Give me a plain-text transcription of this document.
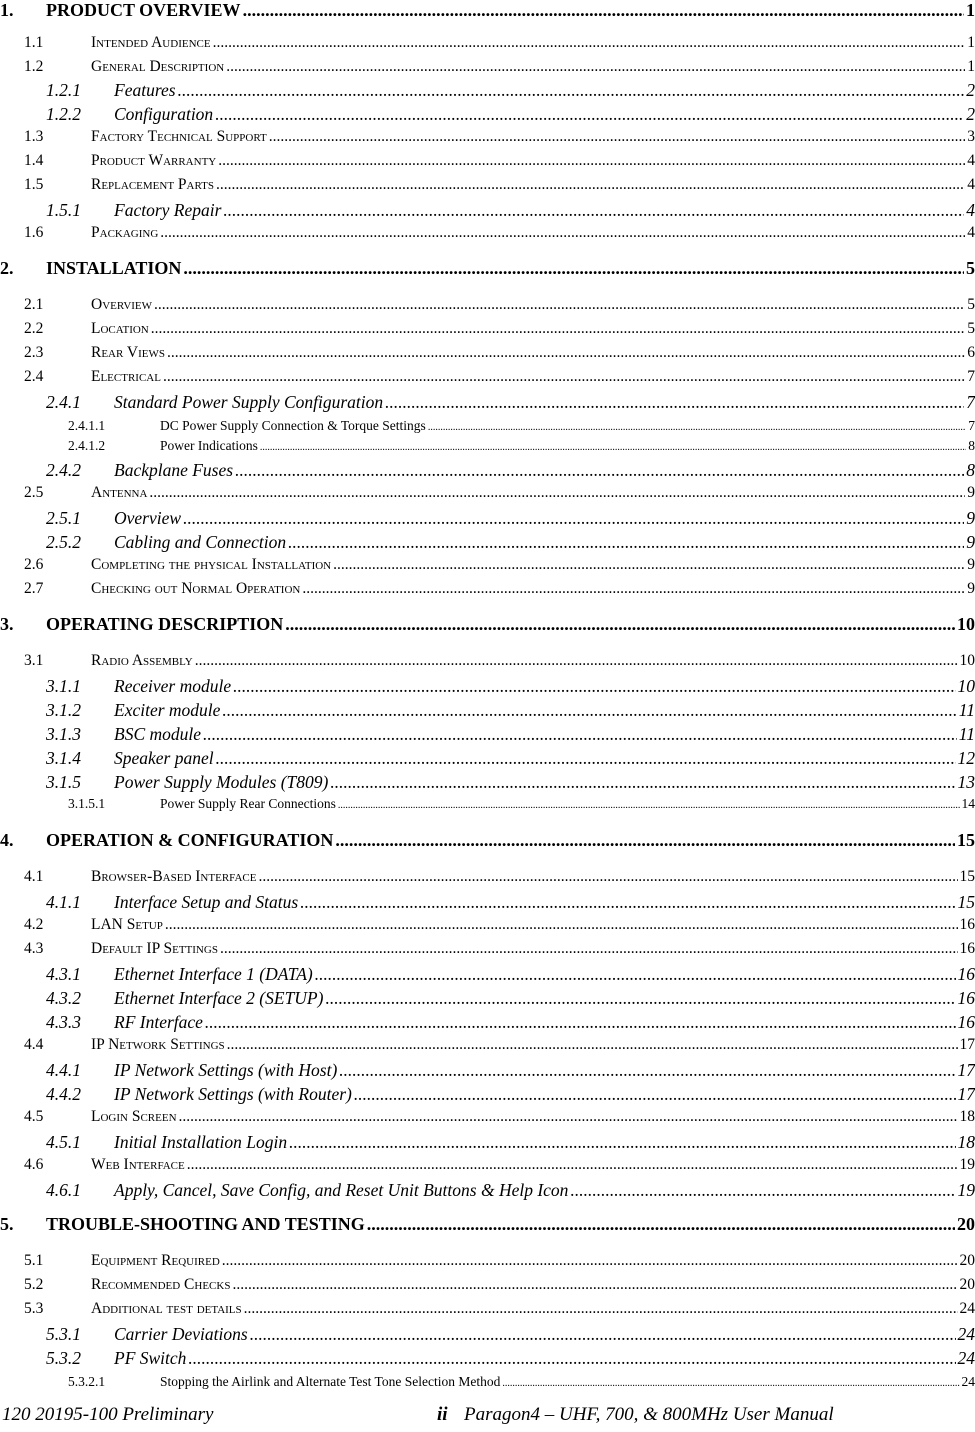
1. PRODUCT OVERVIEW .....	1
1.1	Intended Audience .....	1
1.2	General Description .....	1
1.2.1 Features .....	2
1.2.2 Configuration .....	2
1.3	Factory Technical Support .....	3
1.4	Product Warranty .....	4
1.5	Replacement Parts .....	4
1.5.1 Factory Repair .....	4
1.6	Packaging .....	4
2. INSTALLATION .....	5
2.1	Overview .....	5
2.2	Location .....	5
2.3	Rear Views .....	6
2.4	Electrical .....	7
2.4.1 Standard Power Supply Configuration .....	7
2.4.1.1	DC Power Supply Connection & Torque Settings .....	7
2.4.1.2	Power Indications .....	8
2.4.2 Backplane Fuses .....	8
2.5	Antenna .....	9
2.5.1 Overview .....	9
2.5.2 Cabling and Connection .....	9
2.6	Completing the physical Installation .....	9
2.7	Checking out Normal Operation .....	9
3. OPERATING DESCRIPTION .....	10
3.1	Radio Assembly .....	10
3.1.1 Receiver module .....	10
3.1.2 Exciter module .....	11
3.1.3 BSC module .....	11
3.1.4 Speaker panel .....	12
3.1.5 Power Supply Modules (T809) .....	13
3.1.5.1	Power Supply Rear Connections .....	14
4. OPERATION & CONFIGURATION .....	15
4.1	Browser-Based Interface .....	15
4.1.1 Interface Setup and Status .....	15
4.2	LAN Setup .....	16
4.3	Default IP Settings .....	16
4.3.1 Ethernet Interface 1 (DATA) .....	16
4.3.2 Ethernet Interface 2 (SETUP) .....	16
4.3.3 RF Interface .....	16
4.4	IP Network Settings .....	17
4.4.1 IP Network Settings (with Host) .....	17
4.4.2 IP Network Settings (with Router) .....	17
4.5	Login Screen .....	18
4.5.1 Initial Installation Login .....	18
4.6	Web Interface .....	19
4.6.1 Apply, Cancel, Save Config, and Reset Unit Buttons & Help Icon .....	19
5. TROUBLE-SHOOTING AND TESTING .....	20
5.1	Equipment Required .....	20
5.2	Recommended Checks .....	20
5.3	Additional test details .....	24
5.3.1 Carrier Deviations .....	24
5.3.2 PF Switch .....	24
5.3.2.1	Stopping the Airlink and Alternate Test Tone Selection Method .....	24
120 20195-100 Preliminary	ii Paragon4 – UHF, 700, & 800MHz User Manual
